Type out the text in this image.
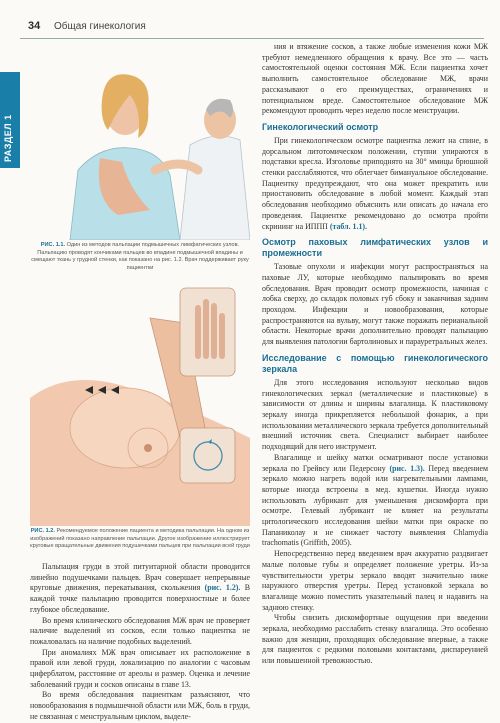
34 Общая гинекология
РАЗДЕЛ 1
РИС. 1.1. Один из методов пальпации подмышечных лимфатических узлов. Пальпацию проводят кончиками пальцев во впадине подмышечной впадины и смещают ткань у грудной стенки, как показано на рис. 1.2. Врач поддерживает руку пациентки
РИС. 1.2. Рекомендуемое положение пациента и методика пальпации. На одном из изображений показано направление пальпации. Другое изображение иллюстрирует круговые вращательные движения подушечками пальцев при пальпации всей груди

Пальпация груди в этой питуитарной области проводится линейно подушечками пальцев. Врач совершает непрерывные круговые движения, перекатывания, скольжения (рис. 1.2). В каждой точке пальпацию проводится поверхностные и более глубокое обследование.

Во время клинического обследования МЖ врач не проверяет наличие выделений из сосков, если только пациентка не пожаловалась на наличие подобных выделений.

При аномалиях МЖ врач описывает их расположение в правой или левой груди, локализацию по аналогии с часовым циферблатом, расстояние от ареолы и размер. Оценка и лечение заболеваний груди и сосков описаны в главе 13.

Во время обследования пациенткам разъясняют, что новообразования в подмышечной области или МЖ, боль в груди, не связанная с менструальным циклом, выделе-

ния и втяжение сосков, а также любые изменения кожи МЖ требуют немедленного обращения к врачу. Все это — часть самостоятельной оценки состояния МЖ. Если пациентка хочет выполнить самостоятельное обследование МЖ, врачи рассказывают о его преимуществах, ограничениях и потенциальном вреде. Самостоятельное обследование МЖ рекомендуют проводить через неделю после менструации.

Гинекологический осмотр

При гинекологическом осмотре пациентка лежит на спине, в дорсальном литотомическом положении, ступни упираются в подставки кресла. Изголовье приподнято на 30° ммицы брюшной стенки расслабляются, что облегчает бимануальное обследование. Пациентку предупреждают, что она может прекратить или приостановить обследование в любой момент. Каждый этап обследования необходимо объяснить или описать до начала его проведения. Пациентке рекомендовано до осмотра пройти скрининг на ИППП (табл. 1.1).

Осмотр паховых лимфатических узлов и промежности

Тазовые опухоли и инфекции могут распространяться на паховые ЛУ, которые необходимо пальпировать во время обследования. Врач проводит осмотр промежности, начиная с лобка сверху, до складок половых губ сбоку и заканчивая задним проходом. Инфекции и новообразования, которые распространяются на вульву, могут также поражать перианальной области. Некоторые врачи дополнительно проводят пальпацию для выявления патологии бартолиновых и парауретральных желез.

Исследование с помощью гинекологического зеркала

Для этого исследования используют несколько видов гинекологических зеркал (металлические и пластиковые) в зависимости от длины и ширины влагалища. К пластиковому зеркалу иногда прикрепляется небольшой фонарик, а при использовании металлического зеркала требуется дополнительный внешний источник света. Специалист выбирает наиболее подходящий для него инструмент.

Влагалище и шейку матки осматривают после установки зеркала по Грейвсу или Педерсону (рис. 1.3). Перед введением зеркало можно нагреть водой или нагревательными лампами, которые иногда встроены в мед. кушетки. Иногда нужно использовать лубрикант для уменьшения дискомфорта при осмотре. Гелевый лубрикант не влияет на результаты цитологического исследования шейки матки при окраске по Папаниколау и не снижает частоту выявления Chlamydia trachomatis (Griffith, 2005).

Непосредственно перед введением врач аккуратно раздвигает малые половые губы и определяет положение уретры. Из-за чувствительности уретры зеркало вводят значительно ниже наружного отверстия уретры. Перед установкой зеркала во влагалище можно поместить указательный палец и надавить на заднюю стенку.

Чтобы снизить дискомфортные ощущения при введении зеркала, необходимо расслабить стенку влагалища. Это особенно важно для женщин, проходящих обследование впервые, а также для пациенток с редкими половыми контактами, диспареунией или повышенной тревожностью.
